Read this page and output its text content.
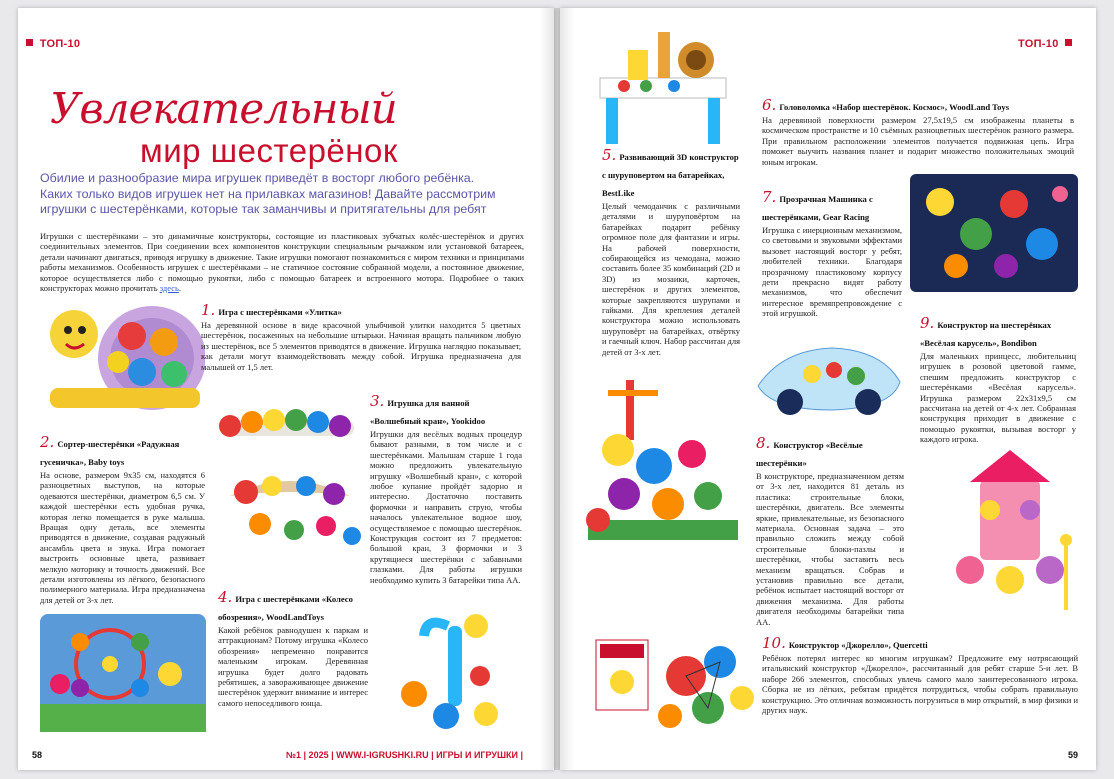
ТОП-10
Увлекательный
мир шестерёнок
Обилие и разнообразие мира игрушек приведёт в восторг любого ребёнка. Каких только видов игрушек нет на прилавках магазинов! Давайте рассмотрим игрушки с шестерёнками, которые так заманчивы и притягательны для ребят
Игрушки с шестерёнками – это динамичные конструкторы, состоящие из пластиковых зубчатых колёс-шестерёнок и других соединительных элементов. При соединении всех компонентов конструкции специальным рычажком или установкой батареек, детали начинают двигаться, приводя игрушку в движение. Такие игрушки помогают познакомиться с миром техники и принципами работы механизмов. Особенность игрушек с шестерёнками – не статичное состояние собранной модели, а постоянное движение, которое осуществляется либо с помощью рукоятки, либо с помощью батареек и встроенного мотора. Подробнее о таких конструкторах можно прочитать здесь.
1. Игра с шестерёнками «Улитка»
На деревянной основе в виде красочной улыбчивой улитки находится 5 цветных шестерёнок, посаженных на небольшие штырьки. Начиная вращать пальчиком любую из шестерёнок, все 5 элементов приводятся в движение. Игрушка наглядно показывает, как детали могут взаимодействовать между собой. Игрушка предназначена для малышей от 1,5 лет.
2. Сортер-шестерёнки «Радужная гусеничка», Baby toys
На основе, размером 9х35 см, находятся 6 разноцветных выступов, на которые одеваются шестерёнки, диаметром 6,5 см. У каждой шестерёнки есть удобная ручка, которая легко помещается в руке малыша. Вращая одну деталь, все элементы приводятся в движение, создавая радужный ансамбль цвета и звука. Игра помогает выстроить основные цвета, развивает мелкую моторику и точность движений. Все детали изготовлены из лёгкого, безопасного полимерного материала. Игра предназначена для детей от 3-х лет.
3. Игрушка для ванной «Волшебный кран», Yookidoo
Игрушки для весёлых водных процедур бывают разными, в том числе и с шестерёнками. Малышам старше 1 года можно предложить увлекательную игрушку «Волшебный кран», с которой любое купание пройдёт задорно и интересно. Достаточно поставить формочки и направить струю, чтобы началось увлекательное водное шоу, осуществляемое с помощью шестерёнок. Конструкция состоит из 7 предметов: большой кран, 3 формочки и 3 крутящиеся шестерёнки с забавными глазками. Для работы игрушки необходимо купить 3 батарейки типа АА.
4. Игра с шестерёнками «Колесо обозрения», WoodLandToys
Какой ребёнок равнодушен к паркам и аттракционам? Потому игрушка «Колесо обозрения» непременно понравится маленьким игрокам. Деревянная игрушка будет долго радовать ребятишек, а завораживающее движение шестерёнок удержит внимание и интерес самого непоседливого юнца.
58	№1 | 2025 | WWW.I-IGRUSHKI.RU | ИГРЫ И ИГРУШКИ |
ТОП-10
5. Развивающий 3D конструктор с шуруповертом на батарейках, BestLike
Целый чемоданчик с различными деталями и шуруповёртом на батарейках подарит ребёнку огромное поле для фантазии и игры. На рабочей поверхности, собирающейся из чемодана, можно составить более 35 комбинаций (2D и 3D) из мозаики, карточек, шестерёнок и других элементов, которые закрепляются шурупами и гайками. Для крепления деталей конструктора можно использовать шуруповёрт на батарейках, отвёртку и гаечный ключ. Набор рассчитан для детей от 3-х лет.
6. Головоломка «Набор шестерёнок. Космос», WoodLand Toys
На деревянной поверхности размером 27,5х19,5 см изображены планеты в космическом пространстве и 10 съёмных разноцветных шестерёнок разного размера. При правильном расположении элементов получается подвижная цепь. Игра поможет выучить названия планет и подарит множество положительных эмоций юным игрокам.
7. Прозрачная Машинка с шестерёнками, Gear Racing
Игрушка с инерционным механизмом, со световыми и звуковыми эффектами вызовет настоящий восторг у ребят, любителей техники. Благодаря прозрачному пластиковому корпусу дети прекрасно видят работу механизмов, что обеспечит интересное времяпрепровождение с этой игрушкой.
8. Конструктор «Весёлые шестерёнки»
В конструкторе, предназначенном детям от 3-х лет, находится 81 деталь из пластика: строительные блоки, шестерёнки, двигатель. Все элементы яркие, привлекательные, из безопасного материала. Основная задача – это правильно сложить между собой строительные блоки-пазлы и шестерёнки, чтобы заставить весь механизм вращаться. Собрав и установив правильно все детали, ребёнок испытает настоящий восторг от движения механизма. Для работы двигателя необходимы батарейки типа АА.
9. Конструктор на шестерёнках «Весёлая карусель», Bondibon
Для маленьких принцесс, любительниц игрушек в розовой цветовой гамме, спешим предложить конструктор с шестерёнками «Весёлая карусель». Игрушка размером 22х31х9,5 см рассчитана на детей от 4-х лет. Собранная конструкция приходит в движение с помощью рукоятки, вызывая восторг у каждого игрока.
10. Конструктор «Джорелло», Quercetti
Ребёнок потерял интерес ко многим игрушкам? Предложите ему нотрясающий итальянский конструктор «Джорелло», рассчитанный для ребят старше 5-и лет. В наборе 266 элементов, способных увлечь самого мало заинтересованного игрока. Сборка не из лёгких, ребятам придётся потрудиться, чтобы собрать правильную конструкцию. Это отличная возможность погрузиться в мир открытий, в мир физики и других наук.
59
